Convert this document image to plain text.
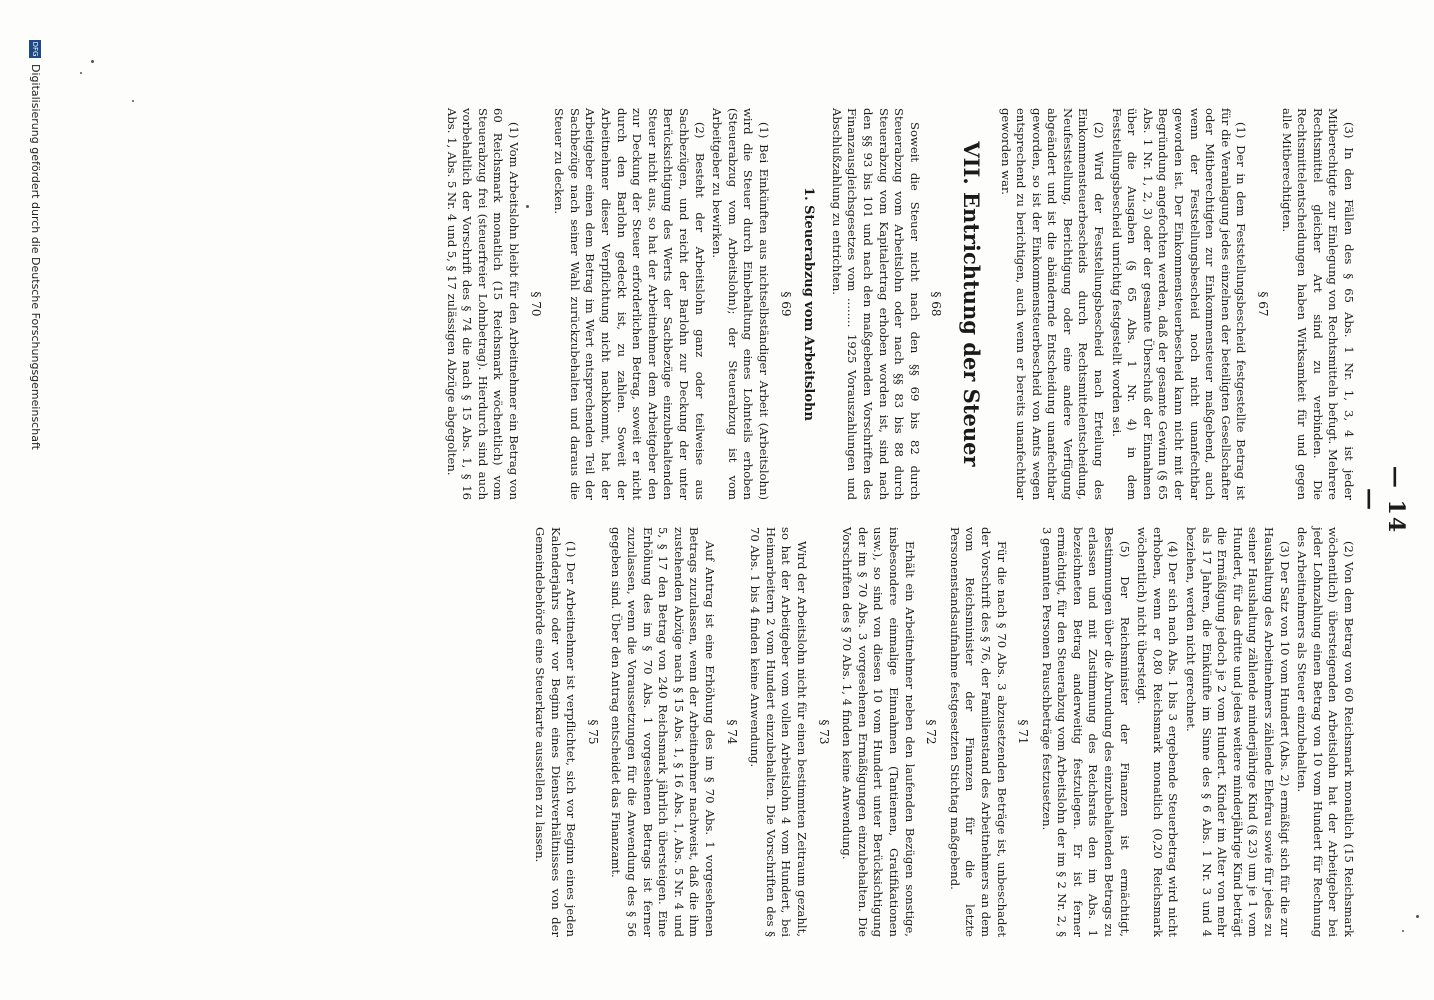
— 14 —

(3) In den Fällen des § 65 Abs. 1 Nr. 1, 3, 4 ist jeder Mitberechtigte zur Einlegung von Rechtsmitteln befugt. Mehrere Rechtsmittel gleicher Art sind zu verbinden. Die Rechtsmittelentscheidungen haben Wirksamkeit für und gegen alle Mitberechtigten.

§ 67

(1) Der in dem Feststellungsbescheid festgestellte Betrag ist für die Veranlagung jedes einzelnen der beteiligten Gesellschafter oder Mitberechtigten zur Einkommensteuer maßgebend, auch wenn der Feststellungsbescheid noch nicht unanfechtbar geworden ist. Der Einkommensteuerbescheid kann nicht mit der Begründung angefochten werden, daß der gesamte Gewinn (§ 65 Abs. 1 Nr. 1, 2, 3) oder der gesamte Überschuß der Einnahmen über die Ausgaben (§ 65 Abs. 1 Nr. 4) in dem Feststellungsbescheid unrichtig festgestellt worden sei.

(2) Wird der Feststellungsbescheid nach Erteilung des Einkommensteuerbescheids durch Rechtsmittelentscheidung, Neufeststellung, Berichtigung oder eine andere Verfügung abgeändert und ist die abändernde Entscheidung unanfechtbar geworden, so ist der Einkommensteuerbescheid von Amts wegen entsprechend zu berichtigen, auch wenn er bereits unanfechtbar geworden war.

VII. Entrichtung der Steuer
§ 68

Soweit die Steuer nicht nach den §§ 69 bis 82 durch Steuerabzug vom Arbeitslohn oder nach §§ 83 bis 88 durch Steuerabzug vom Kapitalertrag erhoben worden ist, sind nach den §§ 93 bis 101 und nach den maßgebenden Vorschriften des Finanzausgleichsgesetzes vom ........ 1925 Vorauszahlungen und Abschlußzahlung zu entrichten.

1. Steuerabzug vom Arbeitslohn
§ 69

(1) Bei Einkünften aus nichtselbständiger Arbeit (Arbeitslohn) wird die Steuer durch Einbehaltung eines Lohnteils erhoben (Steuerabzug vom Arbeitslohn); der Steuerabzug ist vom Arbeitgeber zu bewirken.

(2) Besteht der Arbeitslohn ganz oder teilweise aus Sachbezügen, und reicht der Barlohn zur Deckung der unter Berücksichtigung des Werts der Sachbezüge einzubehaltenden Steuer nicht aus, so hat der Arbeitnehmer dem Arbeitgeber den zur Deckung der Steuer erforderlichen Betrag, soweit er nicht durch den Barlohn gedeckt ist, zu zahlen. Soweit der Arbeitnehmer dieser Verpflichtung nicht nachkommt, hat der Arbeitgeber einen dem Betrag im Wert entsprechenden Teil der Sachbezüge nach seiner Wahl zurückzubehalten und daraus die Steuer zu decken.

§ 70

(1) Vom Arbeitslohn bleibt für den Arbeitnehmer ein Betrag von 60 Reichsmark monatlich (15 Reichsmark wöchentlich) vom Steuerabzug frei (steuerfreier Lohnbetrag). Hierdurch sind auch vorbehaltlich der Vorschrift des § 74 die nach § 15 Abs. 1, § 16 Abs. 1, Abs. 5 Nr. 4 und 5, § 17 zulässigen Abzüge abgegolten.

(2) Von dem Betrag von 60 Reichsmark monatlich (15 Reichsmark wöchentlich) übersteigenden Arbeitslohn hat der Arbeitgeber bei jeder Lohnzahlung einen Betrag von 10 vom Hundert für Rechnung des Arbeitnehmers als Steuer einzubehalten.

(3) Der Satz von 10 vom Hundert (Abs. 2) ermäßigt sich für die zur Haushaltung des Arbeitnehmers zählende Ehefrau sowie für jedes zu seiner Haushaltung zählende minderjährige Kind (§ 23) um je 1 vom Hundert, für das dritte und jedes weitere minderjährige Kind beträgt die Ermäßigung jedoch je 2 vom Hundert. Kinder im Alter von mehr als 17 Jahren, die Einkünfte im Sinne des § 6 Abs. 1 Nr. 3 und 4 beziehen, werden nicht gerechnet.

(4) Der sich nach Abs. 1 bis 3 ergebende Steuerbetrag wird nicht erhoben, wenn er 0,80 Reichsmark monatlich (0,20 Reichsmark wöchentlich) nicht übersteigt.

(5) Der Reichsminister der Finanzen ist ermächtigt, Bestimmungen über die Abrundung des einzubehaltenden Betrags zu erlassen und mit Zustimmung des Reichsrats den im Abs. 1 bezeichneten Betrag anderweitig festzulegen. Er ist ferner ermächtigt, für den Steuerabzug vom Arbeitslohn der im § 2 Nr. 2, § 3 genannten Personen Pauschbeträge festzusetzen.

§ 71

Für die nach § 70 Abs. 3 abzusetzenden Beträge ist, unbeschadet der Vorschrift des § 76, der Familienstand des Arbeitnehmers an dem vom Reichsminister der Finanzen für die letzte Personenstandsaufnahme festgesetzten Stichtag maßgebend.

§ 72

Erhält ein Arbeitnehmer neben den laufenden Bezügen sonstige, insbesondere einmalige Einnahmen (Tantiemen, Gratifikationen usw.), so sind von diesen 10 vom Hundert unter Berücksichtigung der im § 70 Abs. 3 vorgesehenen Ermäßigungen einzubehalten. Die Vorschriften des § 70 Abs. 1, 4 finden keine Anwendung.

§ 73

Wird der Arbeitslohn nicht für einen bestimmten Zeitraum gezahlt, so hat der Arbeitgeber vom vollen Arbeitslohn 4 vom Hundert, bei Heimarbeitern 2 vom Hundert einzubehalten. Die Vorschriften des § 70 Abs. 1 bis 4 finden keine Anwendung.

§ 74

Auf Antrag ist eine Erhöhung des im § 70 Abs. 1 vorgesehenen Betrags zuzulassen, wenn der Arbeitnehmer nachweist, daß die ihm zustehenden Abzüge nach § 15 Abs. 1, § 16 Abs. 1, Abs. 5 Nr. 4 und 5, § 17 den Betrag von 240 Reichsmark jährlich übersteigen. Eine Erhöhung des im § 70 Abs. 1 vorgesehenen Betrags ist ferner zuzulassen, wenn die Voraussetzungen für die Anwendung des § 56 gegeben sind. Über den Antrag entscheidet das Finanzamt.

§ 75

(1) Der Arbeitnehmer ist verpflichtet, sich vor Beginn eines jeden Kalenderjahrs oder vor Beginn eines Dienstverhältnisses von der Gemeindebehörde eine Steuerkarte ausstellen zu lassen.

DFGDigitalisierung gefördert durch die Deutsche Forschungsgemeinschaft
